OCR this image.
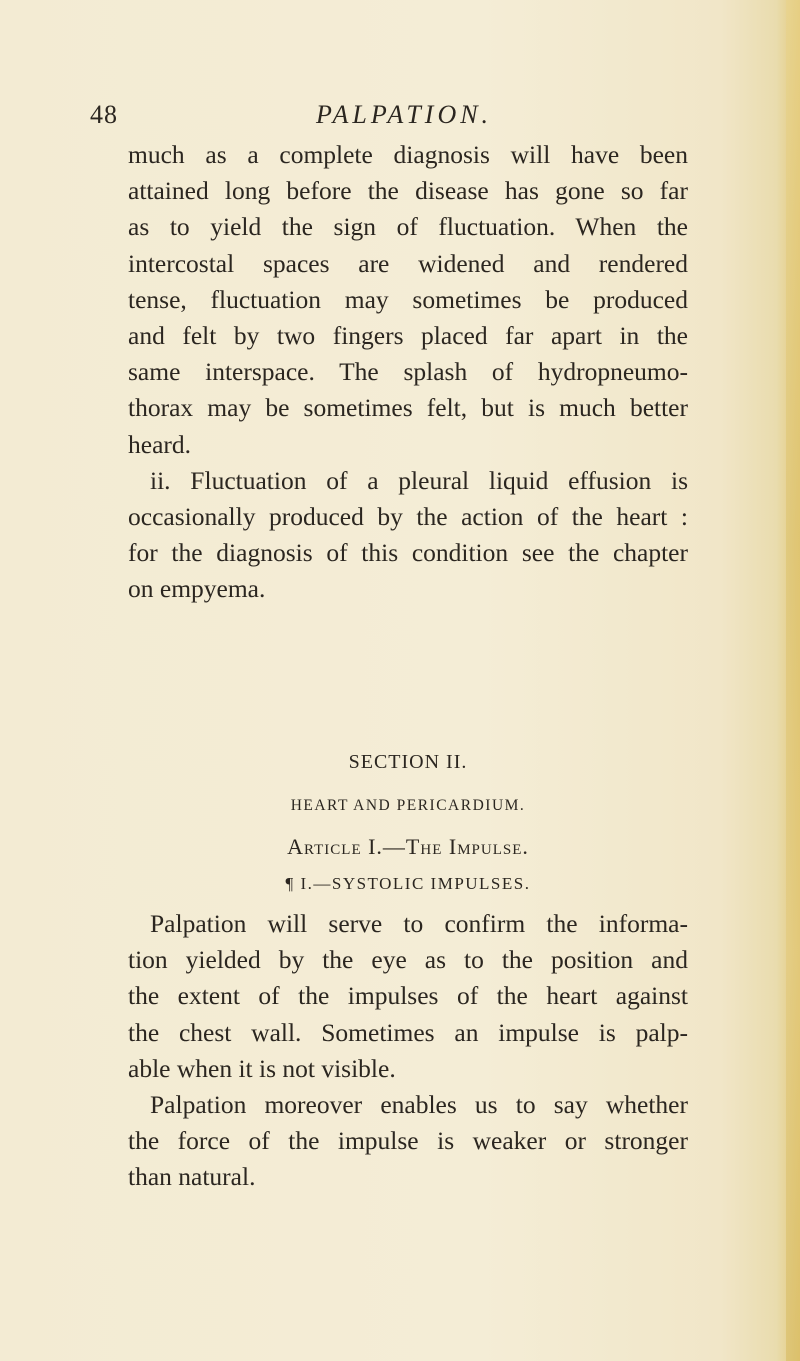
48	PALPATION.
much as a complete diagnosis will have been
attained long before the disease has gone so far
as to yield the sign of fluctuation. When the
intercostal spaces are widened and rendered
tense, fluctuation may sometimes be produced
and felt by two fingers placed far apart in the
same interspace. The splash of hydropneumo-
thorax may be sometimes felt, but is much better
heard.
ii. Fluctuation of a pleural liquid effusion is
occasionally produced by the action of the heart :
for the diagnosis of this condition see the chapter
on empyema.
SECTION II.
HEART AND PERICARDIUM.
Article I.—The Impulse.
¶ I.—SYSTOLIC IMPULSES.
Palpation will serve to confirm the informa-
tion yielded by the eye as to the position and
the extent of the impulses of the heart against
the chest wall. Sometimes an impulse is palp-
able when it is not visible.
Palpation moreover enables us to say whether
the force of the impulse is weaker or stronger
than natural.
